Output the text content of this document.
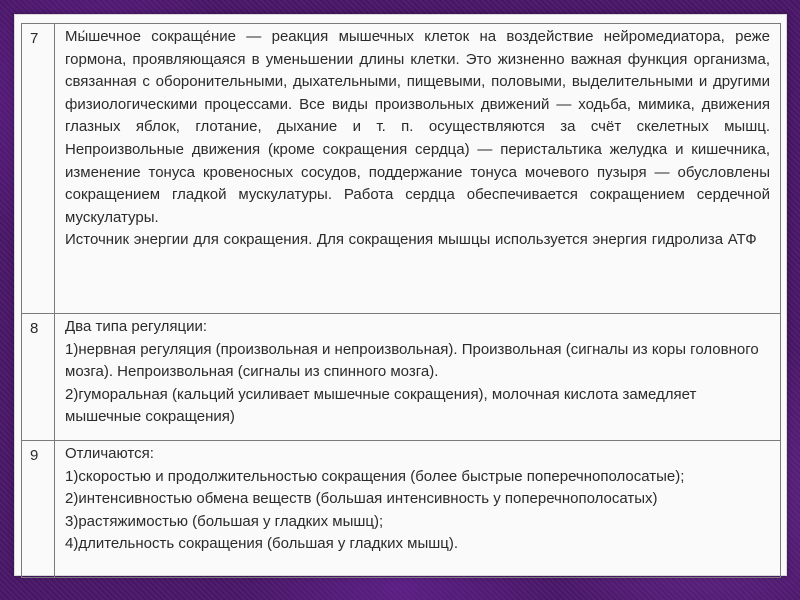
7	Мы́шечное сокраще́ние — реакция мышечных клеток на воздействие нейромедиатора, реже гормона, проявляющаяся в уменьшении длины клетки. Это жизненно важная функция организма, связанная с оборонительными, дыхательными, пищевыми, половыми, выделительными и другими физиологическими процессами. Все виды произвольных движений — ходьба, мимика, движения глазных яблок, глотание, дыхание и т. п. осуществляются за счёт скелетных мышц. Непроизвольные движения (кроме сокращения сердца) — перистальтика желудка и кишечника, изменение тонуса кровеносных сосудов, поддержание тонуса мочевого пузыря — обусловлены сокращением гладкой мускулатуры. Работа сердца обеспечивается сокращением сердечной мускулатуры.
Источник энергии для сокращения. Для сокращения мышцы используется энергия гидролиза АТФ
8	Два типа регуляции:
1)нервная регуляция (произвольная и непроизвольная). Произвольная (сигналы из коры головного мозга). Непроизвольная (сигналы из спинного мозга).
2)гуморальная (кальций усиливает мышечные сокращения), молочная кислота замедляет мышечные сокращения)
9	Отличаются:
1)скоростью и продолжительностью сокращения (более быстрые поперечнополосатые);
2)интенсивностью обмена веществ (большая интенсивность у поперечнополосатых)
3)растяжимостью (большая у гладких мышц);
4)длительность сокращения (большая у гладких мышц).
